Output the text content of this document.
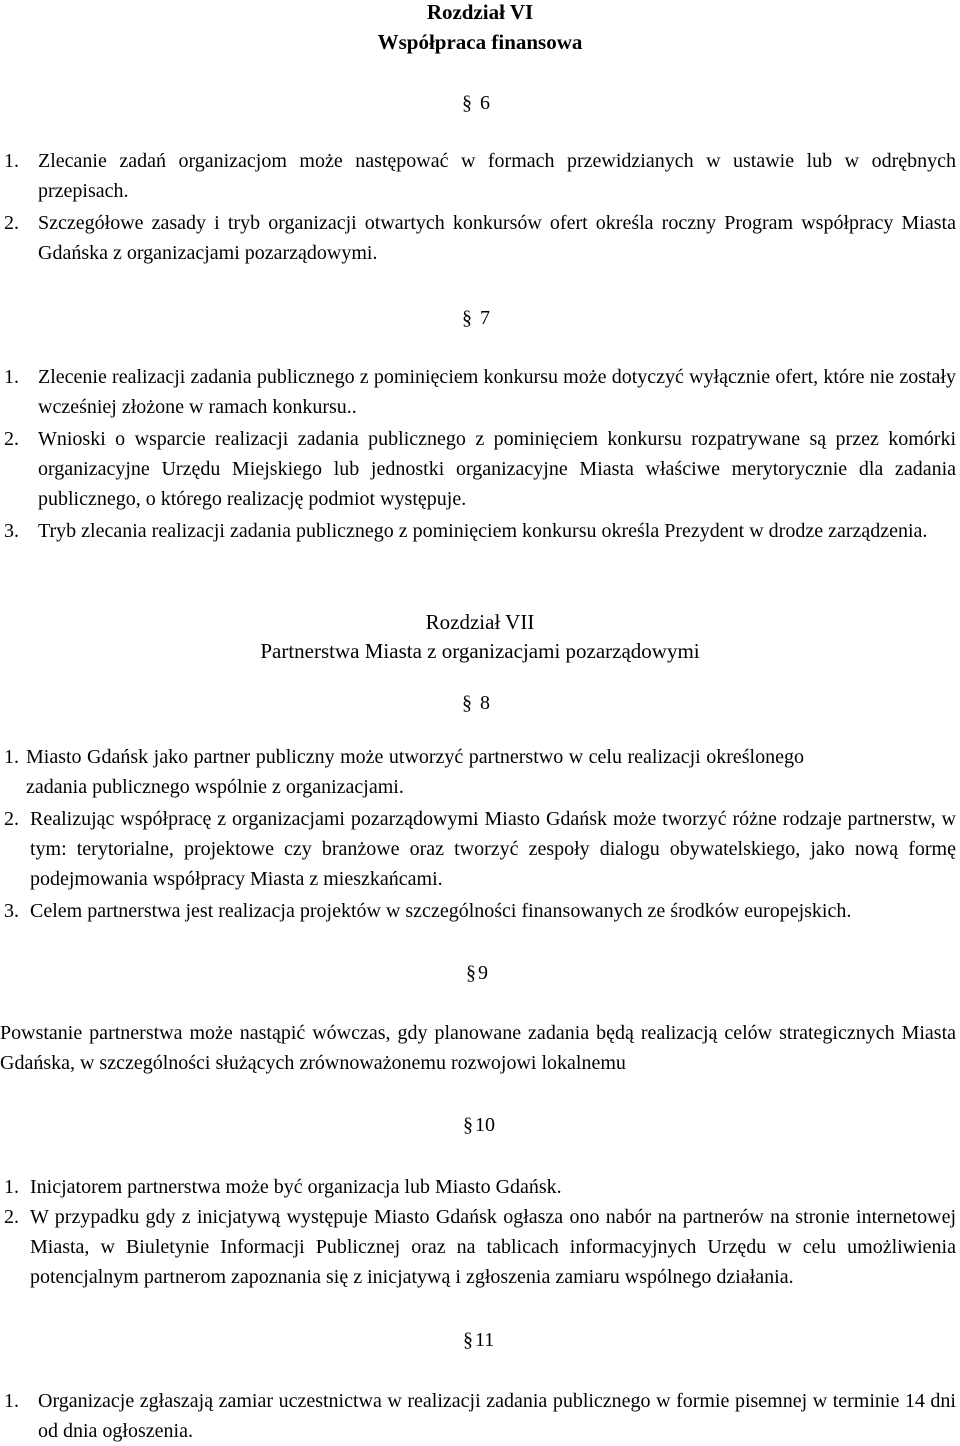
Rozdział VI
Współpraca finansowa
§ 6
1. Zlecanie zadań organizacjom może następować w formach przewidzianych w ustawie lub w odrębnych przepisach.
2. Szczegółowe zasady i tryb organizacji otwartych konkursów ofert określa roczny Program współpracy Miasta Gdańska z organizacjami pozarządowymi.
§ 7
1. Zlecenie realizacji zadania publicznego z pominięciem konkursu może dotyczyć wyłącznie ofert, które nie zostały wcześniej złożone w ramach konkursu..
2. Wnioski o wsparcie realizacji zadania publicznego z pominięciem konkursu rozpatrywane są przez komórki organizacyjne Urzędu Miejskiego lub jednostki organizacyjne Miasta właściwe merytorycznie dla zadania publicznego, o którego realizację podmiot występuje.
3. Tryb zlecania realizacji zadania publicznego z pominięciem konkursu określa Prezydent w drodze zarządzenia.
Rozdział VII
Partnerstwa Miasta z organizacjami pozarządowymi
§ 8
1. Miasto Gdańsk jako partner publiczny może utworzyć partnerstwo w celu realizacji określonego zadania publicznego wspólnie z organizacjami.
2. Realizując współpracę z organizacjami pozarządowymi Miasto Gdańsk może tworzyć różne rodzaje partnerstw, w tym: terytorialne, projektowe czy branżowe oraz tworzyć zespoły dialogu obywatelskiego, jako nową formę podejmowania współpracy Miasta z mieszkańcami.
3. Celem partnerstwa jest realizacja projektów w szczególności finansowanych ze środków europejskich.
§ 9
Powstanie partnerstwa może nastąpić wówczas, gdy planowane zadania będą realizacją celów strategicznych Miasta Gdańska, w szczególności służących zrównoważonemu rozwojowi lokalnemu
§ 10
1. Inicjatorem partnerstwa może być organizacja lub Miasto Gdańsk.
2. W przypadku gdy z inicjatywą występuje Miasto Gdańsk ogłasza ono nabór na partnerów na stronie internetowej Miasta, w Biuletynie Informacji Publicznej oraz na tablicach informacyjnych Urzędu w celu umożliwienia potencjalnym partnerom zapoznania się z inicjatywą i zgłoszenia zamiaru wspólnego działania.
§ 11
1. Organizacje zgłaszają zamiar uczestnictwa w realizacji zadania publicznego w formie pisemnej w terminie 14 dni od dnia ogłoszenia.
